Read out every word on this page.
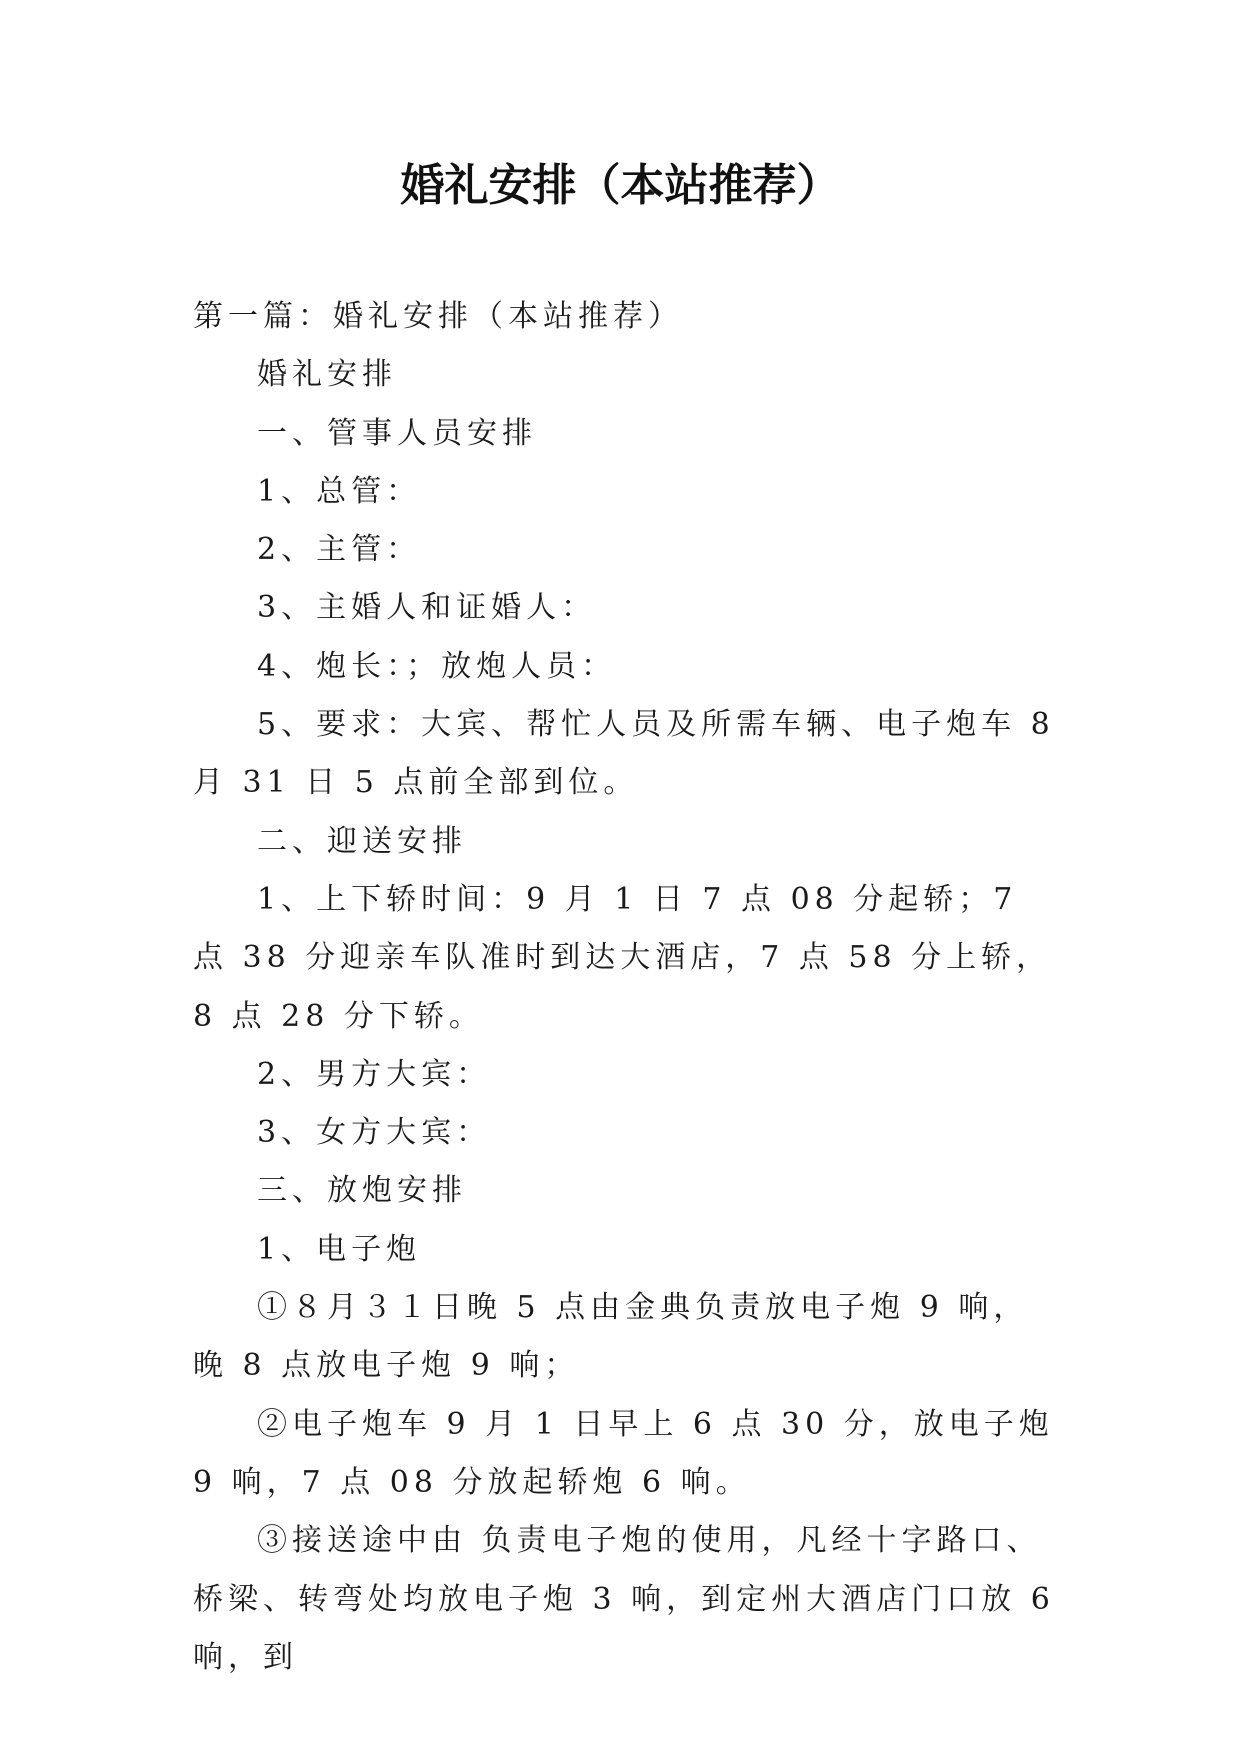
婚礼安排（本站推荐）

第一篇：婚礼安排（本站推荐）

婚礼安排

一、管事人员安排

1、总管：

2、主管：

3、主婚人和证婚人：

4、炮长：；放炮人员：

5、要求：大宾、帮忙人员及所需车辆、电子炮车 8 月 31 日 5 点前全部到位。

二、迎送安排

1、上下轿时间：9 月 1 日 7 点 08 分起轿；7 点 38 分迎亲车队准时到达大酒店，7 点 58 分上轿，8 点 28 分下轿。

2、男方大宾：

3、女方大宾：

三、放炮安排

1、电子炮

①８月３１日晚 5 点由金典负责放电子炮 9 响，晚 8 点放电子炮 9 响；

②电子炮车 9 月 1 日早上 6 点 30 分，放电子炮 9 响，7 点 08 分放起轿炮 6 响。

③接送途中由 负责电子炮的使用，凡经十字路口、桥梁、转弯处均放电子炮 3 响，到定州大酒店门口放 6 响，到
